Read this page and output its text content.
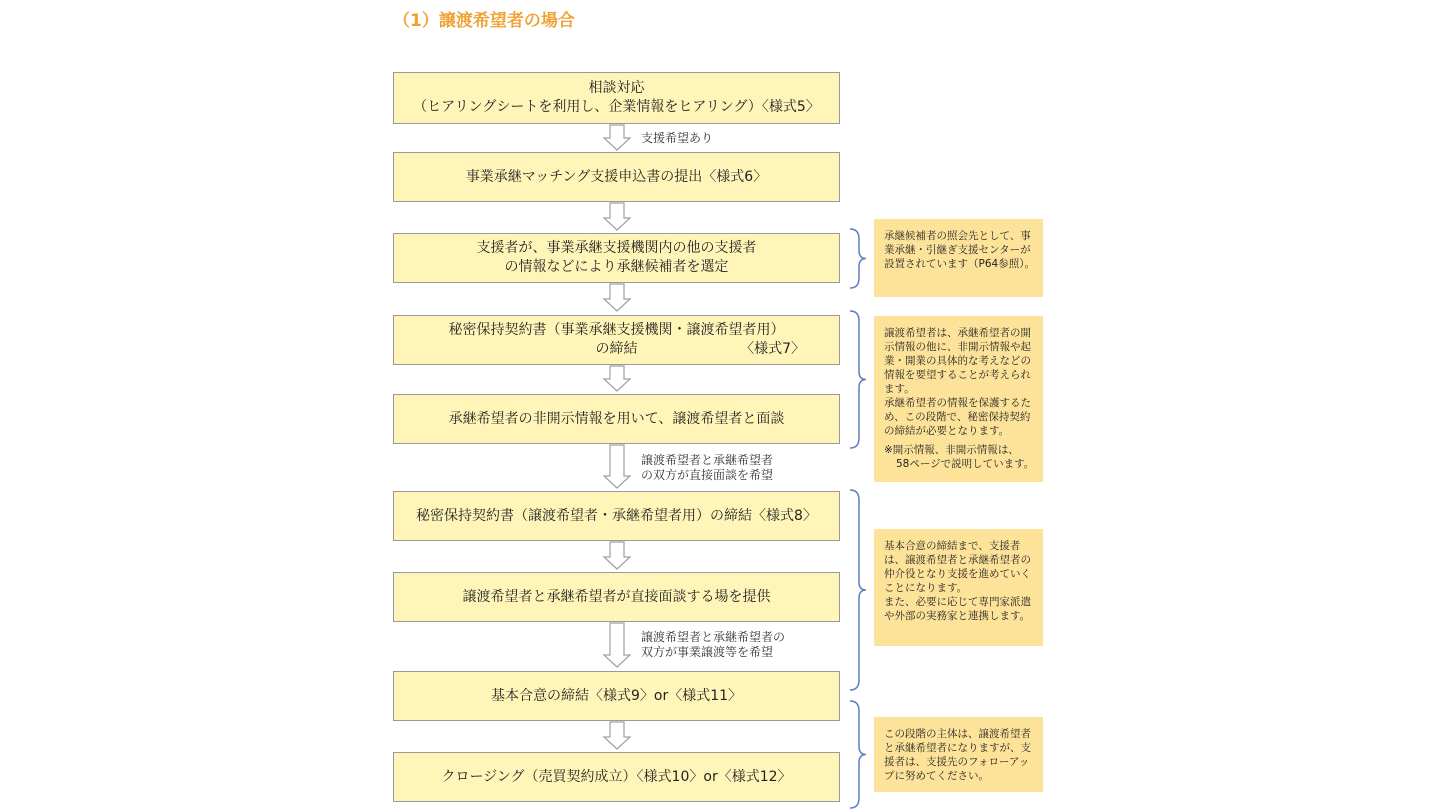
（1）譲渡希望者の場合
相談対応
（ヒアリングシートを利用し、企業情報をヒアリング）〈様式5〉
事業承継マッチング支援申込書の提出〈様式6〉
支援者が、事業承継支援機関内の他の支援者
の情報などにより承継候補者を選定
秘密保持契約書（事業承継支援機関・譲渡希望者用）
の締結	〈様式7〉
承継希望者の非開示情報を用いて、譲渡希望者と面談
秘密保持契約書（譲渡希望者・承継希望者用）の締結〈様式8〉
譲渡希望者と承継希望者が直接面談する場を提供
基本合意の締結〈様式9〉or〈様式11〉
クロージング（売買契約成立）〈様式10〉or〈様式12〉
支援希望あり
譲渡希望者と承継希望者
の双方が直接面談を希望
譲渡希望者と承継希望者の
双方が事業譲渡等を希望

承継候補者の照会先として、事業承継・引継ぎ支援センターが設置されています（P64参照）。

譲渡希望者は、承継希望者の開示情報の他に、非開示情報や起業・開業の具体的な考えなどの情報を要望することが考えられます。

承継希望者の情報を保護するため、この段階で、秘密保持契約の締結が必要となります。

※開示情報、非開示情報は、
58ページで説明しています。

基本合意の締結まで、支援者は、譲渡希望者と承継希望者の仲介役となり支援を進めていくことになります。

また、必要に応じて専門家派遣や外部の実務家と連携します。

この段階の主体は、譲渡希望者と承継希望者になりますが、支援者は、支援先のフォローアップに努めてください。
